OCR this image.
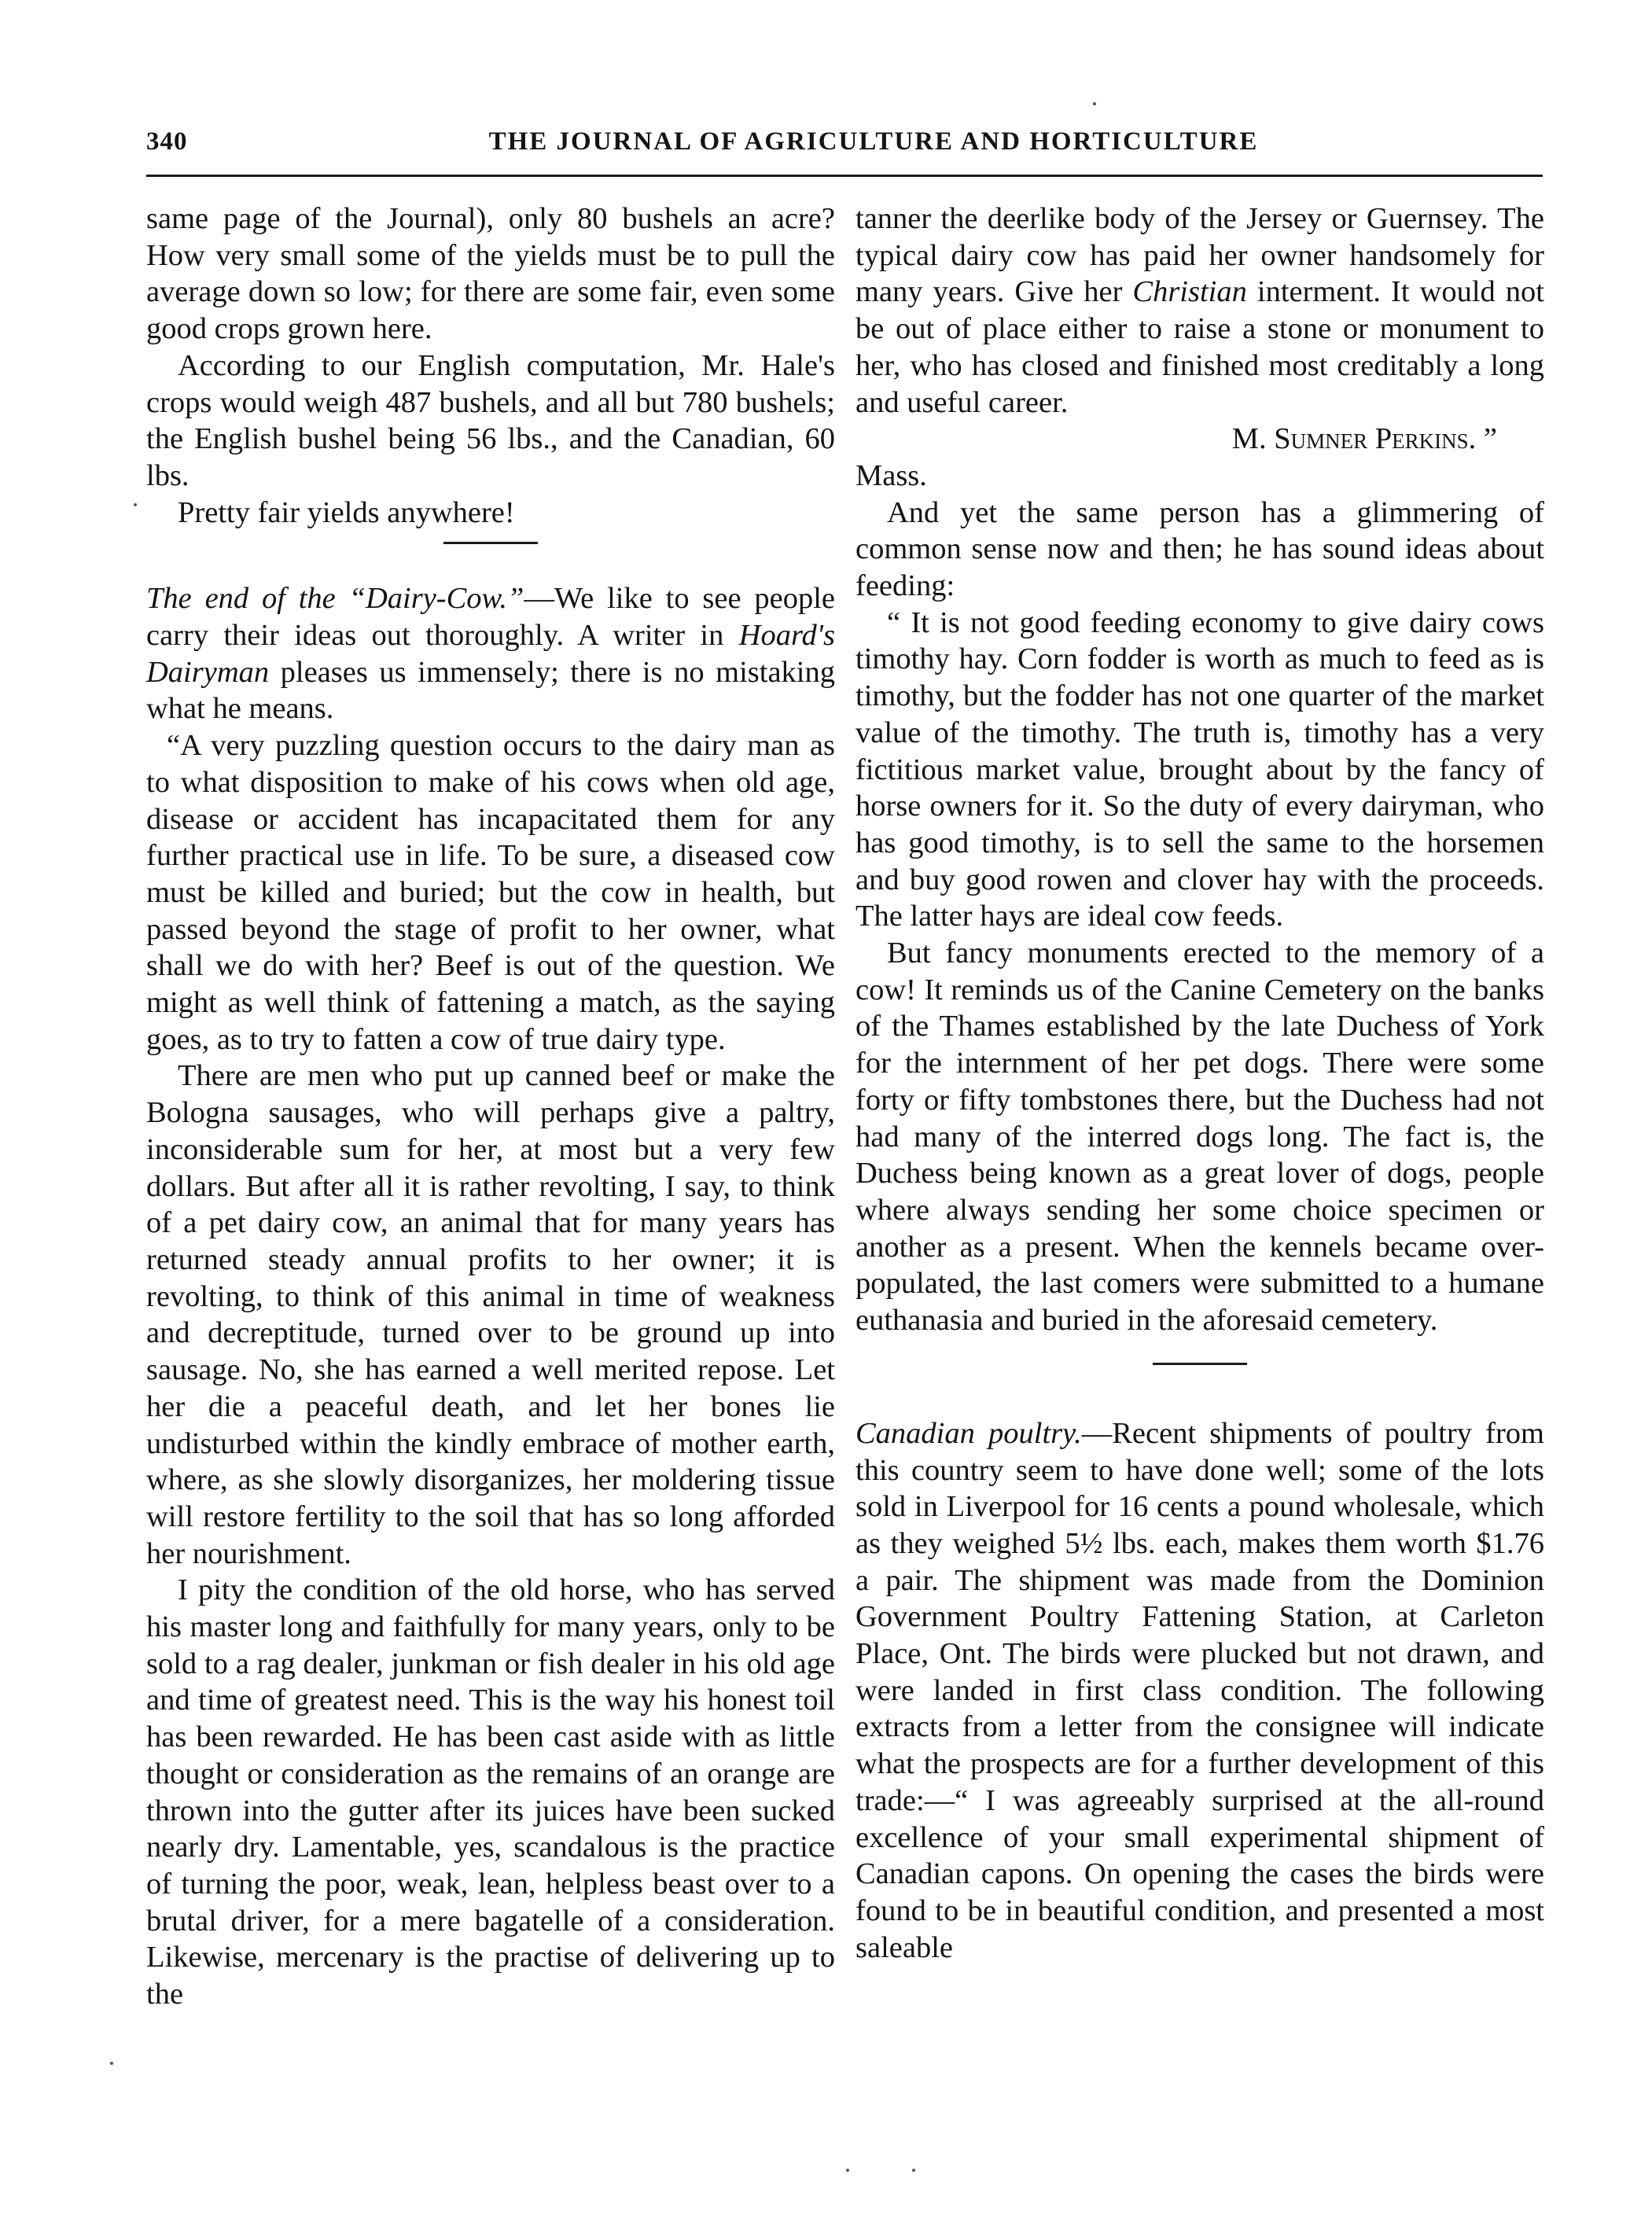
340	THE JOURNAL OF AGRICULTURE AND HORTICULTURE

same page of the Journal), only 80 bushels an acre? How very small some of the yields must be to pull the average down so low; for there are some fair, even some good crops grown here.

According to our English computation, Mr. Hale's crops would weigh 487 bushels, and all but 780 bushels; the English bushel being 56 lbs., and the Canadian, 60 lbs.

Pretty fair yields anywhere!

The end of the “Dairy-Cow.”—We like to see people carry their ideas out thoroughly. A writer in Hoard's Dairyman pleases us immensely; there is no mistaking what he means.

“A very puzzling question occurs to the dairy man as to what disposition to make of his cows when old age, disease or accident has incapacitated them for any further practical use in life. To be sure, a diseased cow must be killed and buried; but the cow in health, but passed beyond the stage of profit to her owner, what shall we do with her? Beef is out of the question. We might as well think of fattening a match, as the saying goes, as to try to fatten a cow of true dairy type.

There are men who put up canned beef or make the Bologna sausages, who will perhaps give a paltry, inconsiderable sum for her, at most but a very few dollars. But after all it is rather revolting, I say, to think of a pet dairy cow, an animal that for many years has returned steady annual profits to her owner; it is revolting, to think of this animal in time of weakness and decreptitude, turned over to be ground up into sausage. No, she has earned a well merited repose. Let her die a peaceful death, and let her bones lie undisturbed within the kindly embrace of mother earth, where, as she slowly disorganizes, her moldering tissue will restore fertility to the soil that has so long afforded her nourishment.

I pity the condition of the old horse, who has served his master long and faithfully for many years, only to be sold to a rag dealer, junkman or fish dealer in his old age and time of greatest need. This is the way his honest toil has been rewarded. He has been cast aside with as little thought or consideration as the remains of an orange are thrown into the gutter after its juices have been sucked nearly dry. Lamentable, yes, scandalous is the practice of turning the poor, weak, lean, helpless beast over to a brutal driver, for a mere bagatelle of a consideration. Likewise, mercenary is the practise of delivering up to the

tanner the deerlike body of the Jersey or Guernsey. The typical dairy cow has paid her owner handsomely for many years. Give her Christian interment. It would not be out of place either to raise a stone or monument to her, who has closed and finished most creditably a long and useful career.

M. Sumner Perkins. ”

Mass.

And yet the same person has a glimmering of common sense now and then; he has sound ideas about feeding:

“ It is not good feeding economy to give dairy cows timothy hay. Corn fodder is worth as much to feed as is timothy, but the fodder has not one quarter of the market value of the timothy. The truth is, timothy has a very fictitious market value, brought about by the fancy of horse owners for it. So the duty of every dairyman, who has good timothy, is to sell the same to the horsemen and buy good rowen and clover hay with the proceeds. The latter hays are ideal cow feeds.

But fancy monuments erected to the memory of a cow! It reminds us of the Canine Cemetery on the banks of the Thames established by the late Duchess of York for the internment of her pet dogs. There were some forty or fifty tombstones there, but the Duchess had not had many of the interred dogs long. The fact is, the Duchess being known as a great lover of dogs, people where always sending her some choice specimen or another as a present. When the kennels became over-populated, the last comers were submitted to a humane euthanasia and buried in the aforesaid cemetery.

Canadian poultry.—Recent shipments of poultry from this country seem to have done well; some of the lots sold in Liverpool for 16 cents a pound wholesale, which as they weighed 5½ lbs. each, makes them worth $1.76 a pair. The shipment was made from the Dominion Government Poultry Fattening Station, at Carleton Place, Ont. The birds were plucked but not drawn, and were landed in first class condition. The following extracts from a letter from the consignee will indicate what the prospects are for a further development of this trade:—“ I was agreeably surprised at the all-round excellence of your small experimental shipment of Canadian capons. On opening the cases the birds were found to be in beautiful condition, and presented a most saleable
